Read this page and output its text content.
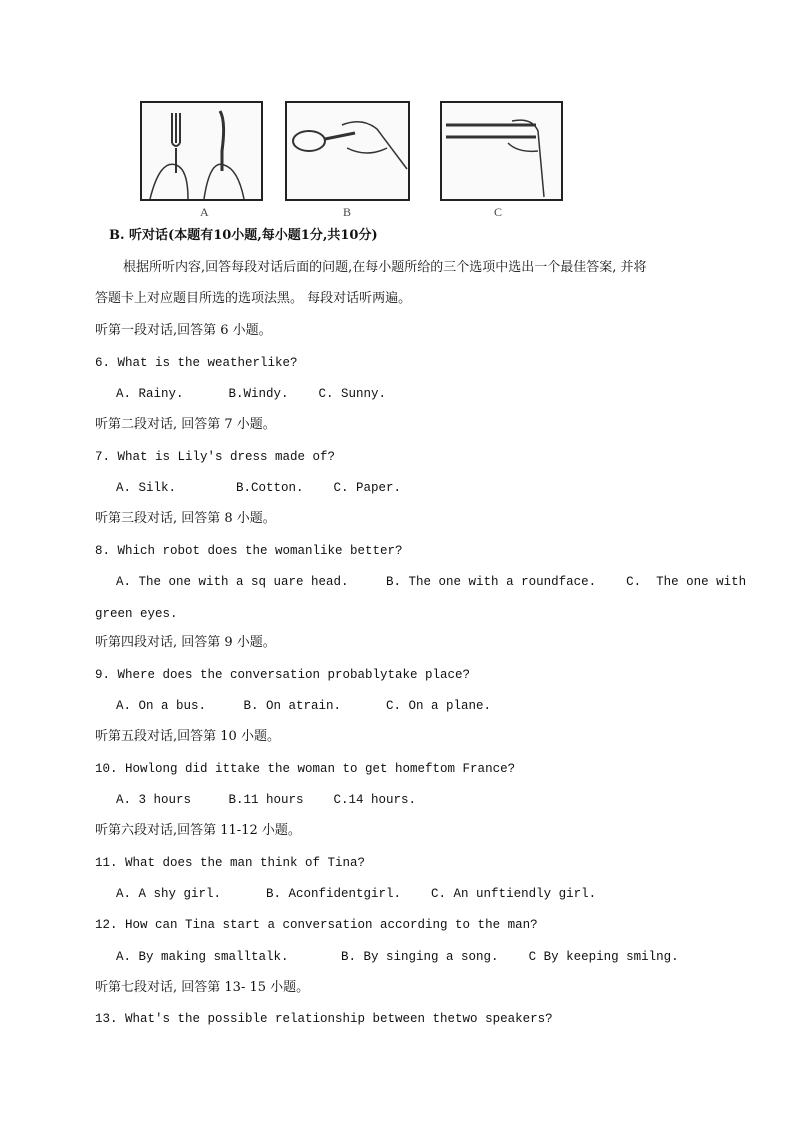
A	B	C
B. 听对话(本题有10小题,每小题1分,共10分)
根据所听内容,回答每段对话后面的问题,在每小题所给的三个选项中选出一个最佳答案, 并将
答题卡上对应题目所选的选项法黑。 每段对话听两遍。
听第一段对话,回答第 6 小题。
6. What is the weatherlike?
A. Rainy.      B.Windy.    C. Sunny.
听第二段对话, 回答第 7 小题。
7. What is Lily's dress made of?
A. Silk.        B.Cotton.    C. Paper.
听第三段对话, 回答第 8 小题。
8. Which robot does the womanlike better?
A. The one with a sq uare head.     B. The one with a roundface.    C.  The one with
green eyes.
听第四段对话, 回答第 9 小题。
9. Where does the conversation probablytake place?
A. On a bus.     B. On atrain.      C. On a plane.
听第五段对话,回答第 10 小题。
10. Howlong did ittake the woman to get homeftom France?
A. 3 hours     B.11 hours    C.14 hours.
听第六段对话,回答第 11-12 小题。
11. What does the man think of Tina?
A. A shy girl.      B. Aconfidentgirl.    C. An unftiendly girl.
12. How can Tina start a conversation according to the man?
A. By making smalltalk.       B. By singing a song.    C By keeping smilng.
听第七段对话, 回答第 13- 15 小题。
13. What's the possible relationship between thetwo speakers?
